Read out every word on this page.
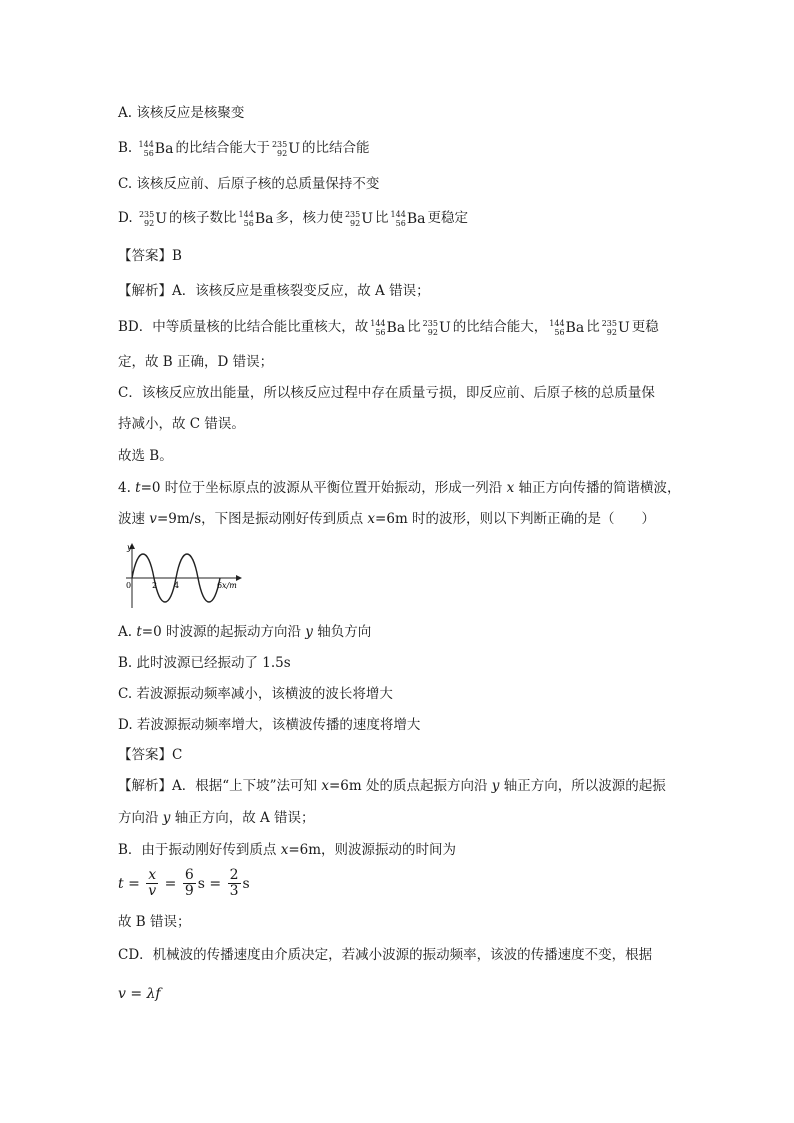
A. 该核反应是核聚变
B. 144
56 Ba 的比结合能大于 235
92 U 的比结合能
C. 该核反应前、后原子核的总质量保持不变
D. 235
92 U 的核子数比 144
56 Ba 多，核力使 235
92 U 比 144
56 Ba 更稳定
【答案】B
【解析】A．该核反应是重核裂变反应，故 A 错误；
BD．中等质量核的比结合能比重核大，故 144
56 Ba 比 235
92 U 的比结合能大， 144
56 Ba 比 235
92 U 更稳
定，故 B 正确，D 错误；
C．该核反应放出能量，所以核反应过程中存在质量亏损，即反应前、后原子核的总质量保
持减小，故 C 错误。
故选 B。
4. t=0 时位于坐标原点的波源从平衡位置开始振动，形成一列沿 x 轴正方向传播的简谐横波，
波速 v=9m/s，下图是振动刚好传到质点 x=6m 时的波形，则以下判断正确的是（　　）
y
x/m
0	2 4	6
A. t=0 时波源的起振动方向沿 y 轴负方向
B. 此时波源已经振动了 1.5s
C. 若波源振动频率减小，该横波的波长将增大
D. 若波源振动频率增大，该横波传播的速度将增大
【答案】C
【解析】A．根据“上下坡”法可知 x=6m 处的质点起振方向沿 y 轴正方向，所以波源的起振
方向沿 y 轴正方向，故 A 错误；
B．由于振动刚好传到质点 x=6m，则波源振动的时间为
$t = \frac{x}{v} = \frac{6}{9}$ $s = \frac{2}{3}$ s
故 B 错误；
CD．机械波的传播速度由介质决定，若减小波源的振动频率，该波的传播速度不变，根据
v = λf
